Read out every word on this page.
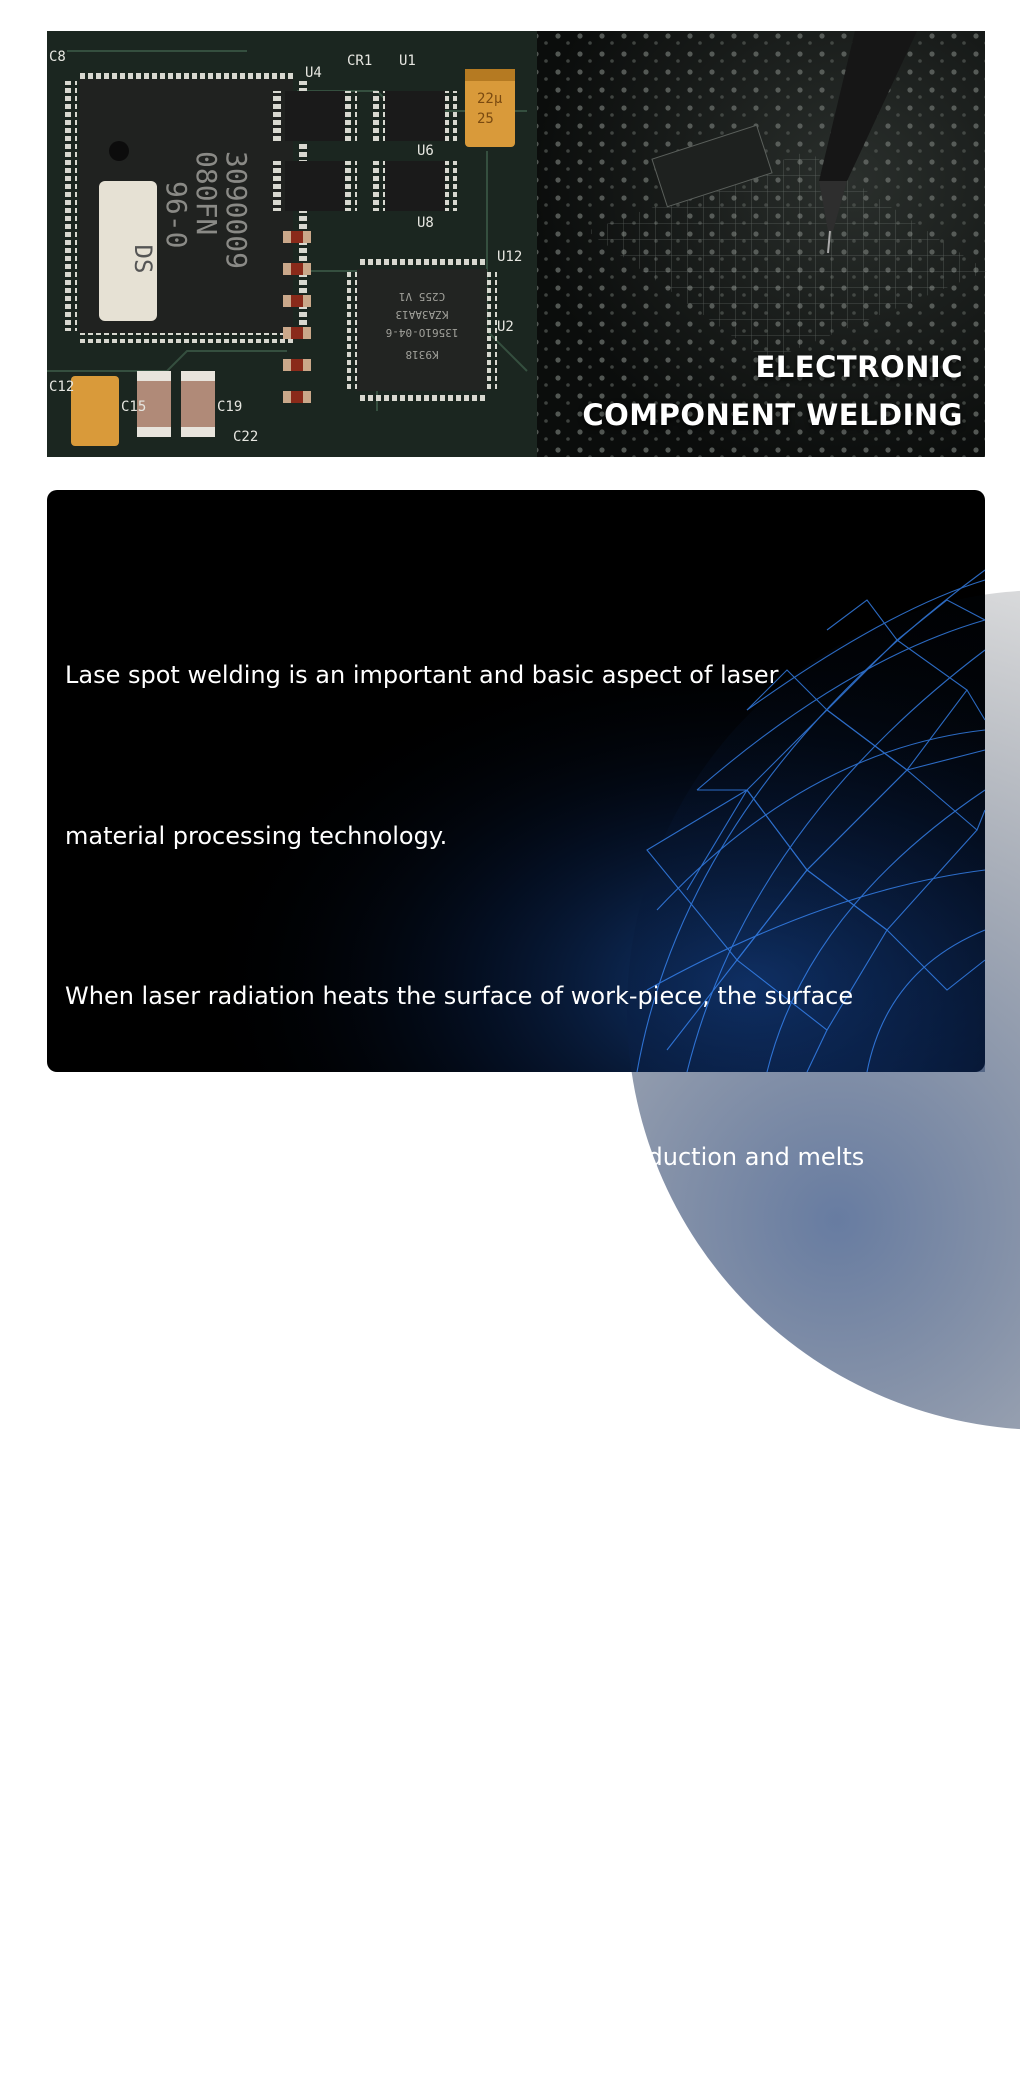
DS
96-0
080FN
3090009
C255 V1
KZA3AA13
13561O-04-6
K9318
22μ
25
C8
U4
CR1 U1
U6
U8
U12
U2
C15	C19
C12
C22
ELECTRONIC
COMPONENT WELDING

Lase spot welding is an important and basic aspect of laser

material processing technology.

When laser radiation heats the surface of work-piece, the surface

heat diffuses to the interior through thermal conduction and melts

the work piece by controlling the duration, energy,

peak power and repeating frequency of laser pulse to form

specific molten pool.

Because of this unique feature, it is widely used for spot welding,

perforating, repairing, retipping and
